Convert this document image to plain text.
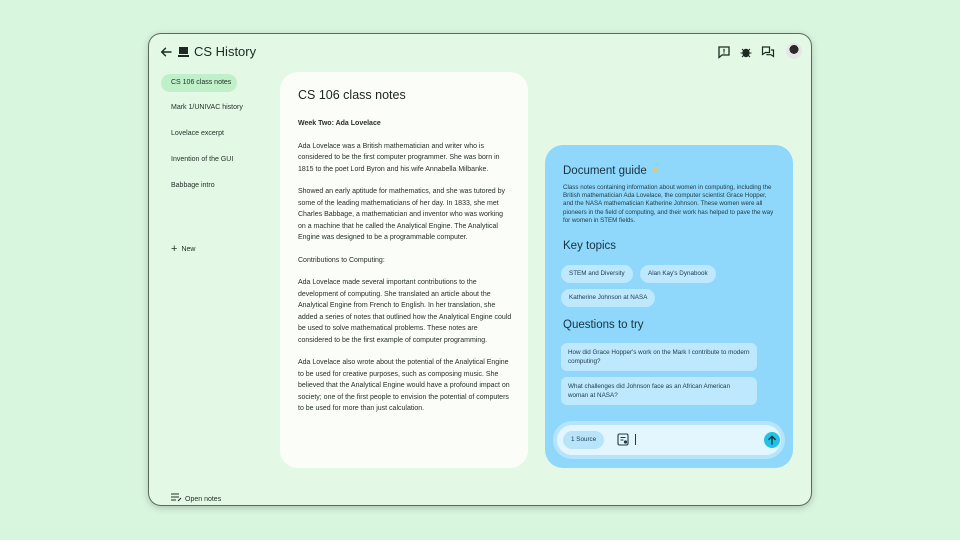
CS History
CS 106 class notes
Mark 1/UNIVAC history
Lovelace excerpt
Invention of the GUI
Babbage intro
+ New
Open notes
CS 106 class notes

Week Two: Ada Lovelace

Ada Lovelace was a British mathematician and writer who is considered to be the first computer programmer. She was born in 1815 to the poet Lord Byron and his wife Annabella Milbanke.

Showed an early aptitude for mathematics, and she was tutored by some of the leading mathematicians of her day. In 1833, she met Charles Babbage, a mathematician and inventor who was working on a machine that he called the Analytical Engine. The Analytical Engine was designed to be a programmable computer.

Contributions to Computing:

Ada Lovelace made several important contributions to the development of computing. She translated an article about the Analytical Engine from French to English. In her translation, she added a series of notes that outlined how the Analytical Engine could be used to solve mathematical problems. These notes are considered to be the first example of computer programming.

Ada Lovelace also wrote about the potential of the Analytical Engine to be used for creative purposes, such as composing music. She believed that the Analytical Engine would have a profound impact on society; one of the first people to envision the potential of computers to be used for more than just calculation.

Document guide ✦
Class notes containing information about women in computing, including the British mathematician Ada Lovelace, the computer scientist Grace Hopper, and the NASA mathematician Katherine Johnson. These women were all pioneers in the field of computing, and their work has helped to pave the way for women in STEM fields.
Key topics
STEM and Diversity	Alan Kay's Dynabook
Katherine Johnson at NASA
Questions to try
How did Grace Hopper's work on the Mark I contribute to modern computing?
What challenges did Johnson face as an African American woman at NASA?
1 Source
